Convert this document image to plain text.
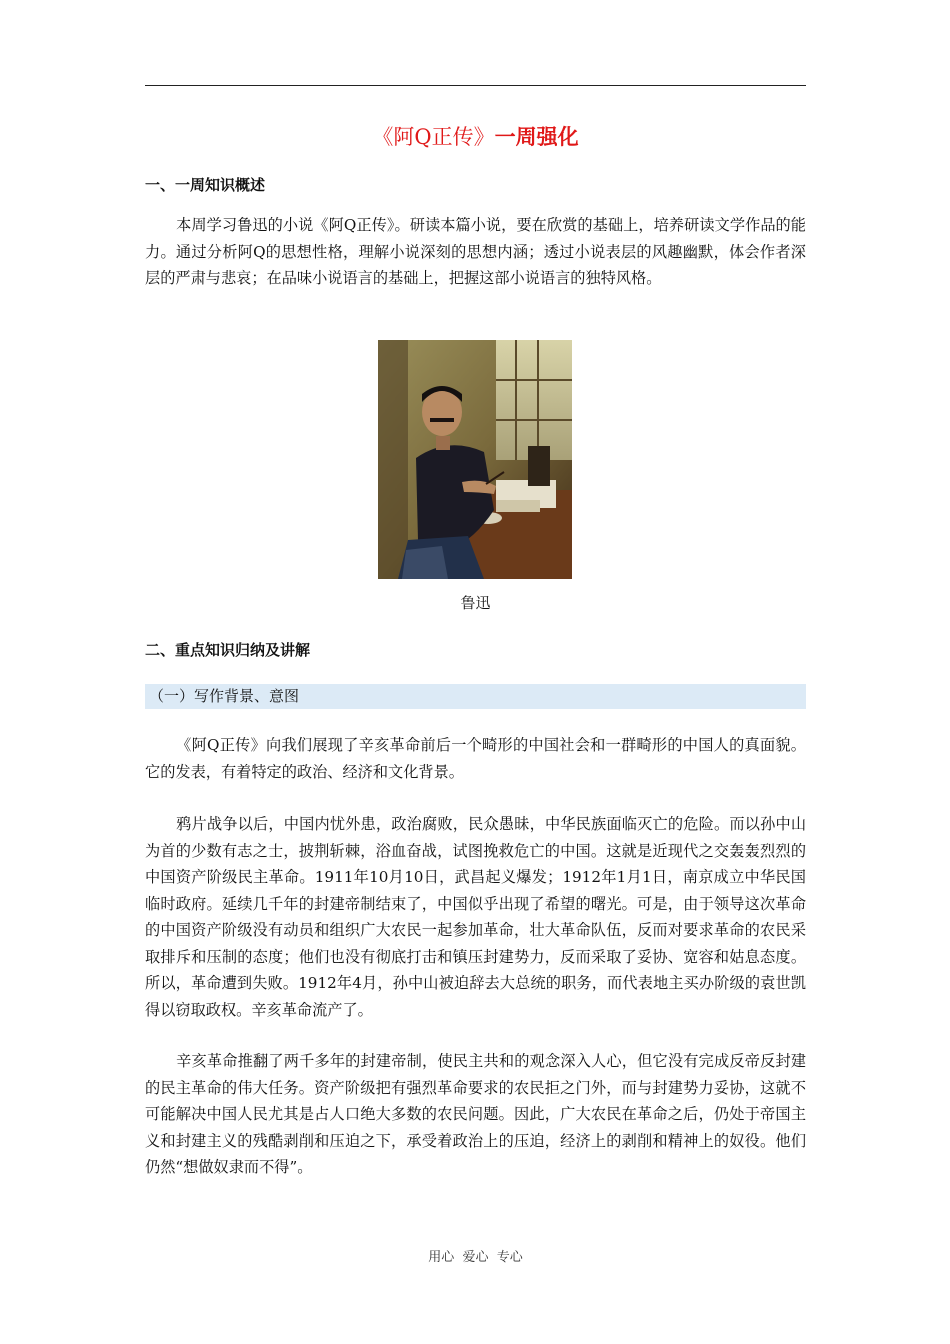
《阿Q正传》一周强化
一、一周知识概述

本周学习鲁迅的小说《阿Q正传》。研读本篇小说，要在欣赏的基础上，培养研读文学作品的能力。通过分析阿Q的思想性格，理解小说深刻的思想内涵；透过小说表层的风趣幽默，体会作者深层的严肃与悲哀；在品味小说语言的基础上，把握这部小说语言的独特风格。

鲁迅
二、重点知识归纳及讲解
（一）写作背景、意图

《阿Q正传》向我们展现了辛亥革命前后一个畸形的中国社会和一群畸形的中国人的真面貌。它的发表，有着特定的政治、经济和文化背景。

鸦片战争以后，中国内忧外患，政治腐败，民众愚昧，中华民族面临灭亡的危险。而以孙中山为首的少数有志之士，披荆斩棘，浴血奋战，试图挽救危亡的中国。这就是近现代之交轰轰烈烈的中国资产阶级民主革命。1911年10月10日，武昌起义爆发；1912年1月1日，南京成立中华民国临时政府。延续几千年的封建帝制结束了，中国似乎出现了希望的曙光。可是，由于领导这次革命的中国资产阶级没有动员和组织广大农民一起参加革命，壮大革命队伍，反而对要求革命的农民采取排斥和压制的态度；他们也没有彻底打击和镇压封建势力，反而采取了妥协、宽容和姑息态度。所以，革命遭到失败。1912年4月，孙中山被迫辞去大总统的职务，而代表地主买办阶级的袁世凯得以窃取政权。辛亥革命流产了。

辛亥革命推翻了两千多年的封建帝制，使民主共和的观念深入人心，但它没有完成反帝反封建的民主革命的伟大任务。资产阶级把有强烈革命要求的农民拒之门外，而与封建势力妥协，这就不可能解决中国人民尤其是占人口绝大多数的农民问题。因此，广大农民在革命之后，仍处于帝国主义和封建主义的残酷剥削和压迫之下，承受着政治上的压迫，经济上的剥削和精神上的奴役。他们仍然“想做奴隶而不得”。

用心  爱心  专心
